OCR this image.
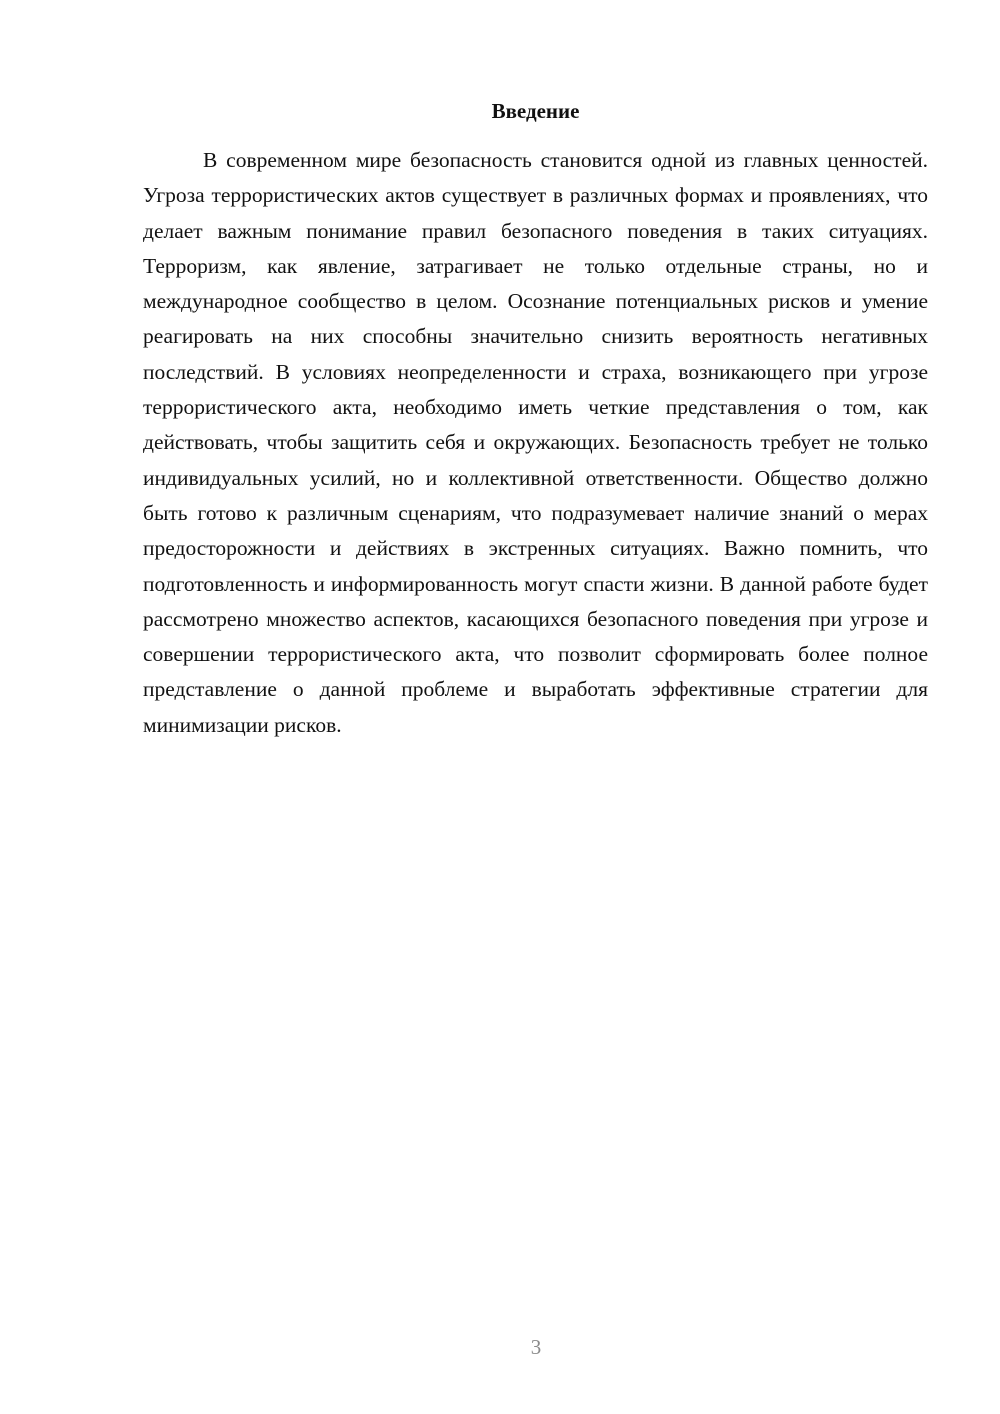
Введение

В современном мире безопасность становится одной из главных ценностей. Угроза террористических актов существует в различных формах и проявлениях, что делает важным понимание правил безопасного поведения в таких ситуациях. Терроризм, как явление, затрагивает не только отдельные страны, но и международное сообщество в целом. Осознание потенциальных рисков и умение реагировать на них способны значительно снизить вероятность негативных последствий. В условиях неопределенности и страха, возникающего при угрозе террористического акта, необходимо иметь четкие представления о том, как действовать, чтобы защитить себя и окружающих. Безопасность требует не только индивидуальных усилий, но и коллективной ответственности. Общество должно быть готово к различным сценариям, что подразумевает наличие знаний о мерах предосторожности и действиях в экстренных ситуациях. Важно помнить, что подготовленность и информированность могут спасти жизни. В данной работе будет рассмотрено множество аспектов, касающихся безопасного поведения при угрозе и совершении террористического акта, что позволит сформировать более полное представление о данной проблеме и выработать эффективные стратегии для минимизации рисков.

3
